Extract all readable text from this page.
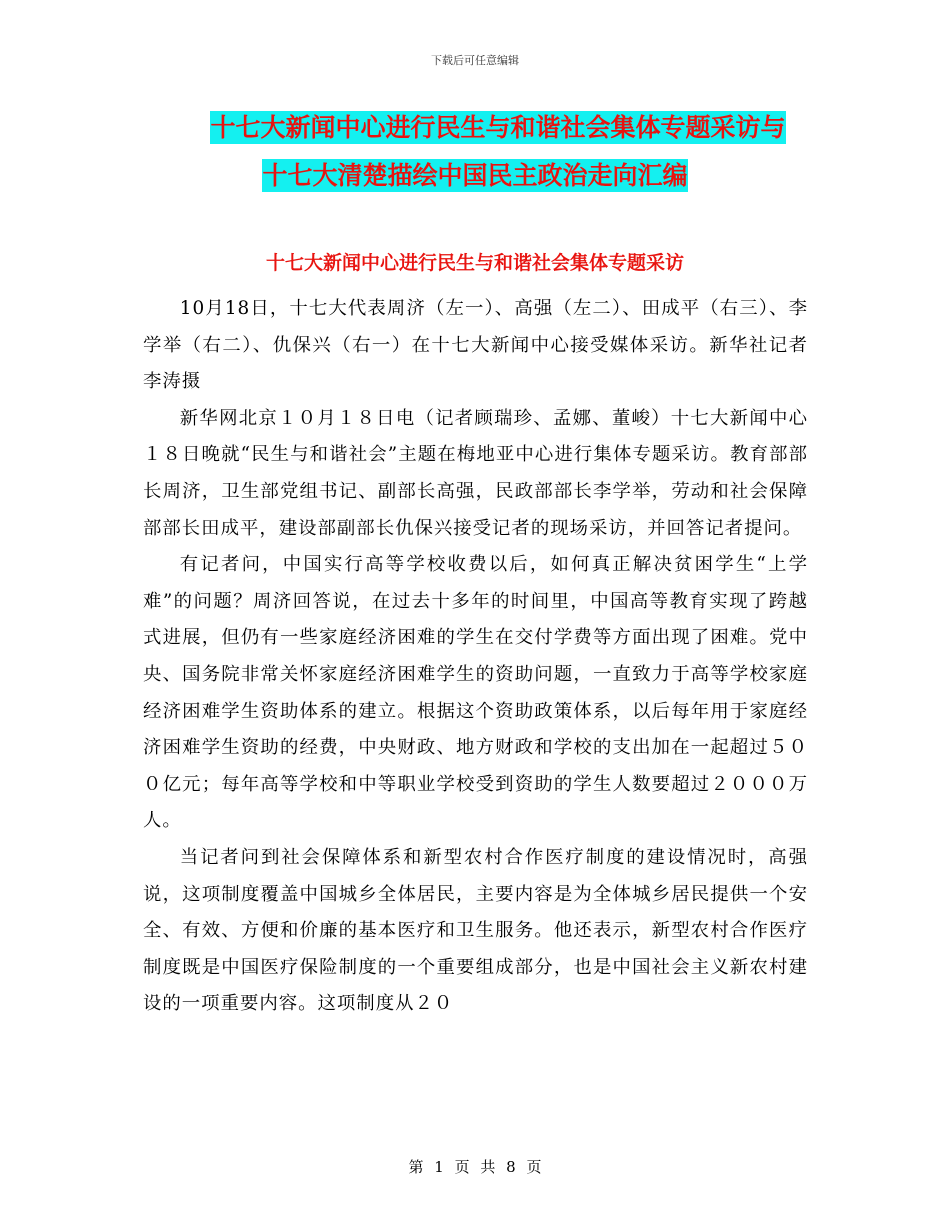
下载后可任意编辑
十七大新闻中心进行民生与和谐社会集体专题采访与
十七大清楚描绘中国民主政治走向汇编
十七大新闻中心进行民生与和谐社会集体专题采访

10月18日，十七大代表周济（左一）、高强（左二）、田成平（右三）、李学举（右二）、仇保兴（右一）在十七大新闻中心接受媒体采访。新华社记者李涛摄

新华网北京１０月１８日电（记者顾瑞珍、孟娜、董峻）十七大新闻中心１８日晚就“民生与和谐社会”主题在梅地亚中心进行集体专题采访。教育部部长周济，卫生部党组书记、副部长高强，民政部部长李学举，劳动和社会保障部部长田成平，建设部副部长仇保兴接受记者的现场采访，并回答记者提问。

有记者问，中国实行高等学校收费以后，如何真正解决贫困学生“上学难”的问题？周济回答说，在过去十多年的时间里，中国高等教育实现了跨越式进展，但仍有一些家庭经济困难的学生在交付学费等方面出现了困难。党中央、国务院非常关怀家庭经济困难学生的资助问题，一直致力于高等学校家庭经济困难学生资助体系的建立。根据这个资助政策体系，以后每年用于家庭经济困难学生资助的经费，中央财政、地方财政和学校的支出加在一起超过５００亿元；每年高等学校和中等职业学校受到资助的学生人数要超过２０００万人。

当记者问到社会保障体系和新型农村合作医疗制度的建设情况时，高强说，这项制度覆盖中国城乡全体居民，主要内容是为全体城乡居民提供一个安全、有效、方便和价廉的基本医疗和卫生服务。他还表示，新型农村合作医疗制度既是中国医疗保险制度的一个重要组成部分，也是中国社会主义新农村建设的一项重要内容。这项制度从２０

第 1 页 共 8 页
